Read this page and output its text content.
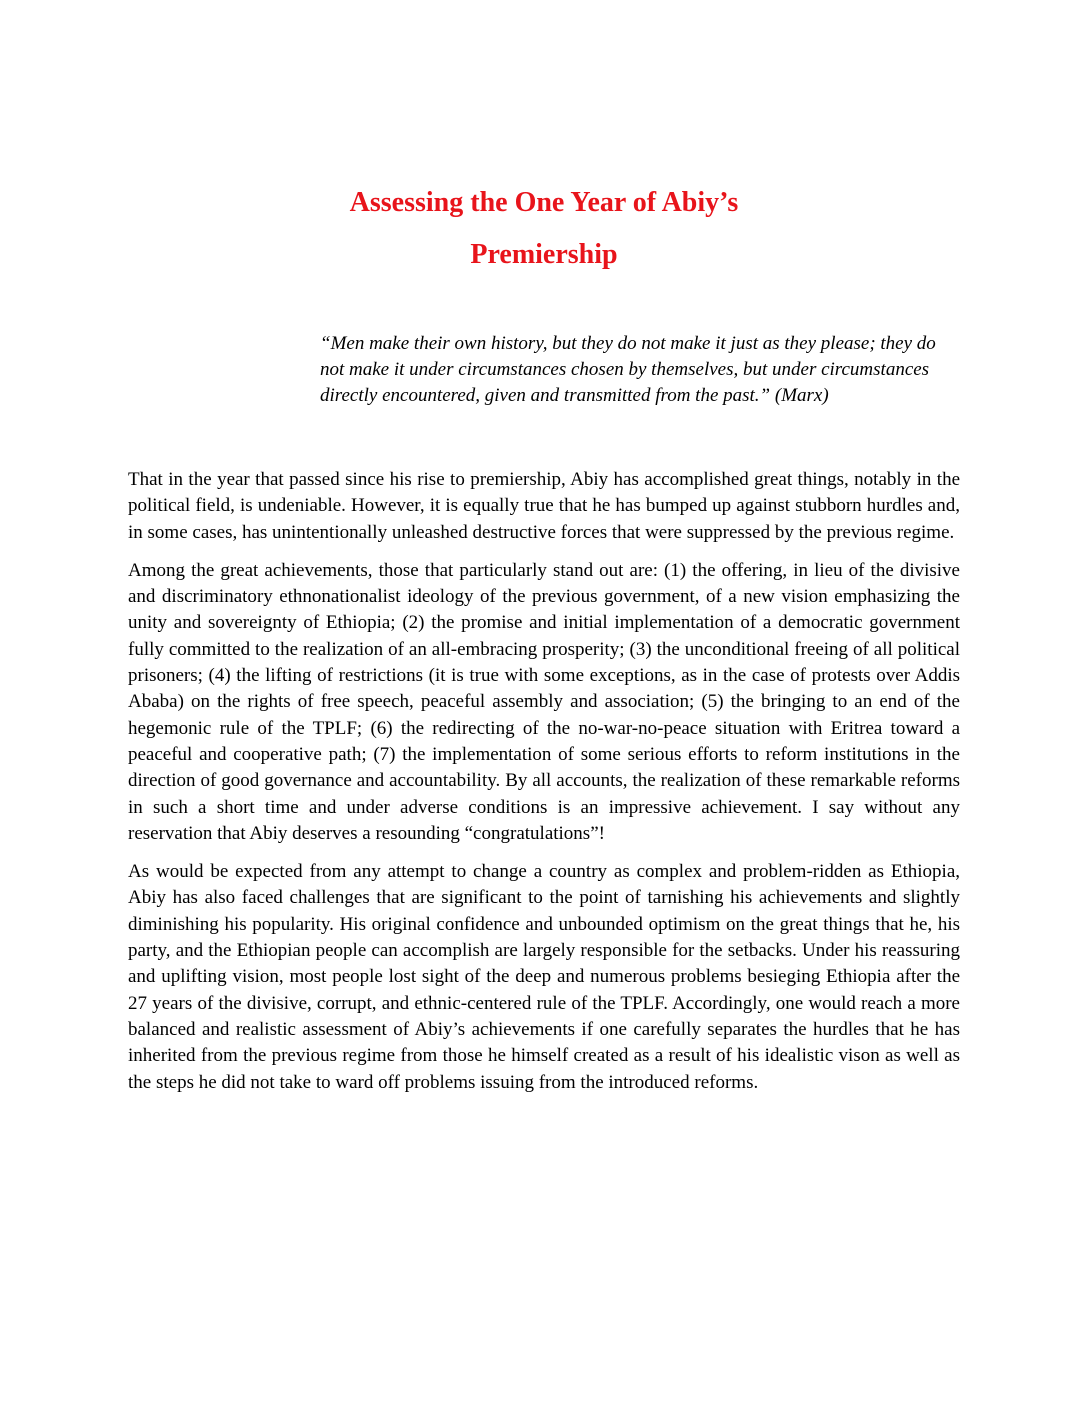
Assessing the One Year of Abiy’s
Premiership
“Men make their own history, but they do not make it just as they please; they do not make it under circumstances chosen by themselves, but under circumstances directly encountered, given and transmitted from the past.” (Marx)

That in the year that passed since his rise to premiership, Abiy has accomplished great things, notably in the political field, is undeniable. However, it is equally true that he has bumped up against stubborn hurdles and, in some cases, has unintentionally unleashed destructive forces that were suppressed by the previous regime.

Among the great achievements, those that particularly stand out are: (1) the offering, in lieu of the divisive and discriminatory ethnonationalist ideology of the previous government, of a new vision emphasizing the unity and sovereignty of Ethiopia; (2) the promise and initial implementation of a democratic government fully committed to the realization of an all-embracing prosperity; (3) the unconditional freeing of all political prisoners; (4) the lifting of restrictions (it is true with some exceptions, as in the case of protests over Addis Ababa) on the rights of free speech, peaceful assembly and association; (5) the bringing to an end of the hegemonic rule of the TPLF; (6) the redirecting of the no-war-no-peace situation with Eritrea toward a peaceful and cooperative path; (7) the implementation of some serious efforts to reform institutions in the direction of good governance and accountability. By all accounts, the realization of these remarkable reforms in such a short time and under adverse conditions is an impressive achievement. I say without any reservation that Abiy deserves a resounding “congratulations”!

As would be expected from any attempt to change a country as complex and problem-ridden as Ethiopia, Abiy has also faced challenges that are significant to the point of tarnishing his achievements and slightly diminishing his popularity. His original confidence and unbounded optimism on the great things that he, his party, and the Ethiopian people can accomplish are largely responsible for the setbacks. Under his reassuring and uplifting vision, most people lost sight of the deep and numerous problems besieging Ethiopia after the 27 years of the divisive, corrupt, and ethnic-centered rule of the TPLF. Accordingly, one would reach a more balanced and realistic assessment of Abiy’s achievements if one carefully separates the hurdles that he has inherited from the previous regime from those he himself created as a result of his idealistic vison as well as the steps he did not take to ward off problems issuing from the introduced reforms.
